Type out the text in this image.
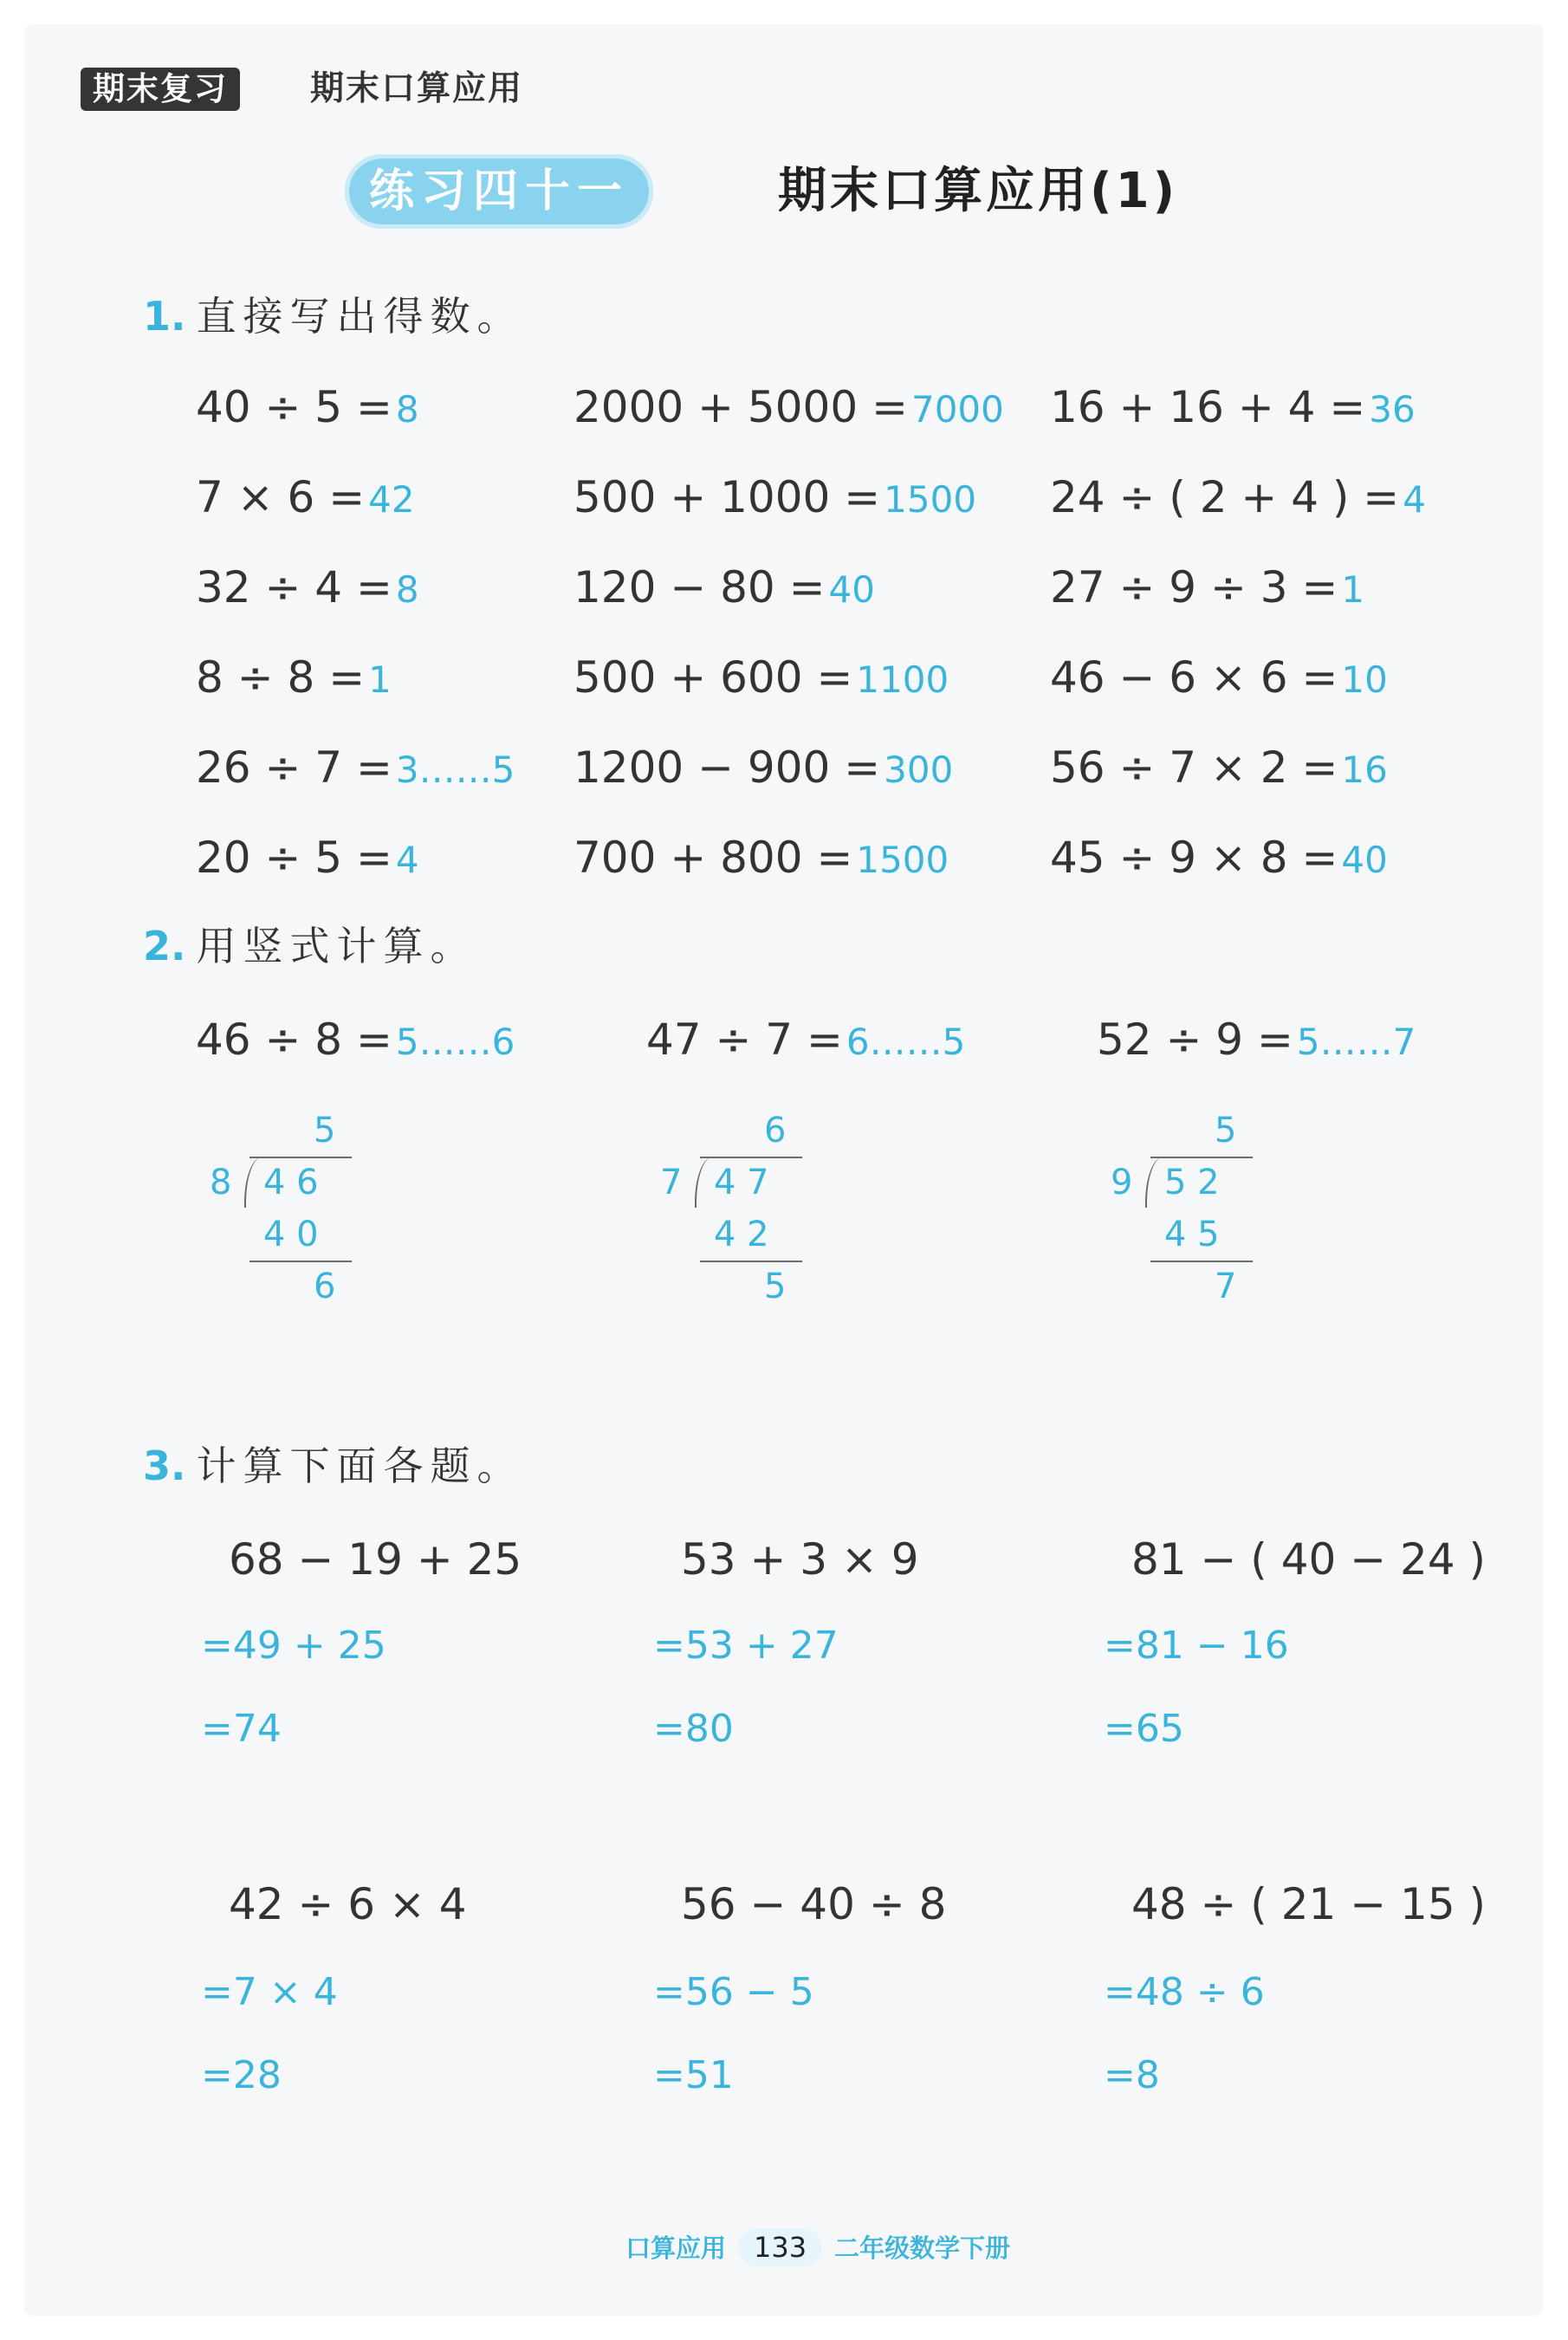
期末复习	期末口算应用
练习四十一	期末口算应用(1)
1. 直接写出得数。
40 ÷ 5 =8	2000 + 5000 =7000 16 + 16 + 4 =36
7 × 6 =42	500 + 1000 =1500 24 ÷ ( 2 + 4 ) =4
32 ÷ 4 =8	120 − 80 =40	27 ÷ 9 ÷ 3 =1
8 ÷ 8 =1	500 + 600 =1100 46 − 6 × 6 =10
26 ÷ 7 =3……5 1200 − 900 =300 56 ÷ 7 × 2 =16
20 ÷ 5 =4	700 + 800 =1500 45 ÷ 9 × 8 =40
2. 用竖式计算。
46 ÷ 8 =5……6	47 ÷ 7 =6……5	52 ÷ 9 =5……7
5
8 4 6
4 0
6
6
7 4 7
4 2
5
5
9 5 2
4 5
7
3. 计算下面各题。
68 − 19 + 25
=49 + 25
=74
53 + 3 × 9
=53 + 27
=80
81 − ( 40 − 24 )
=81 − 16
=65
42 ÷ 6 × 4
=7 × 4
=28
56 − 40 ÷ 8
=56 − 5
=51
48 ÷ ( 21 − 15 )
=48 ÷ 6
=8
口算应用 133 二年级数学下册
